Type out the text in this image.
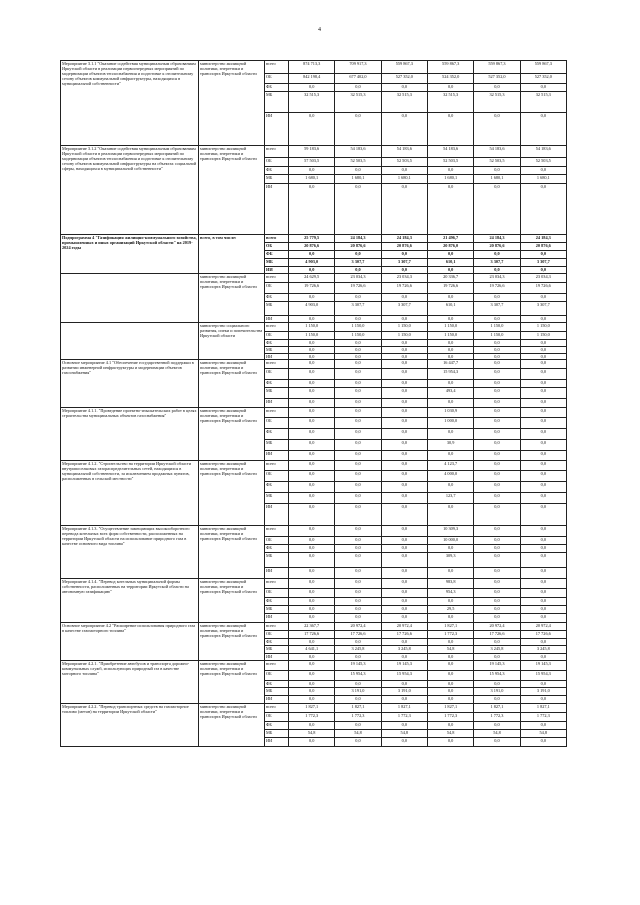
4
Мероприятие 3.1.1 "Оказание содействия муниципальным образованиям Иркутской области в реализации первоочередных мероприятий по модернизации объектов теплоснабжения и подготовке к отопительному сезону объектов коммунальной инфраструктуры, находящихся в муниципальной собственности"	министерство жилищной политики, энергетики и транспорта Иркутской области	всего	874 713,3	709 917,3	559 867,3	559 867,3	559 867,3	559 867,3
		ОБ	842 198,4	677 402,0	527 352,0	524 352,0	527 352,0	527 352,0
		ФБ	0,0	0,0	0,0	0,0	0,0	0,0
		МБ	32 515,3	32 515,3	32 515,3	32 515,3	32 515,3	32 515,3
		ИИ	0,0	0,0	0,0	0,0	0,0	0,0
Мероприятие 3.1.2 "Оказание содействия муниципальным образованиям Иркутской области в реализации первоочередных мероприятий по модернизации объектов теплоснабжения и подготовке к отопительному сезону объектов коммунальной инфраструктуры на объектах социальной сферы, находящихся в муниципальной собственности"	министерство жилищной политики, энергетики и транспорта Иркутской области	всего	59 183,6	54 183,6	54 183,6	54 183,6	54 183,6	54 183,6
		ОБ	57 503,5	52 503,5	52 503,5	52 503,5	52 503,5	52 503,5
		ФБ	0,0	0,0	0,0	0,0	0,0	0,0
		МБ	1 680,1	1 680,1	1 680,1	1 680,1	1 680,1	1 680,1
		ИИ	0,0	0,0	0,0	0,0	0,0	0,0
Подпрограмма 4 "Газификация жилищно-коммунального хозяйства, промышленных и иных организаций Иркутской области" на 2019-2024 годы	всего, в том числе:	всего	25 779,5	24 184,3	24 184,3	21 496,7	24 184,3	24 184,3
		ОБ	20 876,6	20 876,6	20 876,6	20 876,0	20 876,6	20 876,6
		ФБ	0,0	0,0	0,0	0,0	0,0	0,0
		МБ	4 903,0	3 307,7	3 307,7	610,1	3 307,7	3 307,7
		ИИ	0,0	0,0	0,0	0,0	0,0	0,0
	министерство жилищной политики, энергетики и транспорта Иркутской области	всего	24 629,5	23 034,3	23 034,3	20 336,7	23 034,3	23 034,3
		ОБ	19 726,6	19 726,6	19 726,6	19 726,6	19 726,6	19 726,6
		ФБ	0,0	0,0	0,0	0,0	0,0	0,0
		МБ	4 903,0	3 307,7	3 307,7	610,1	3 307,7	3 307,7
		ИИ	0,0	0,0	0,0	0,0	0,0	0,0
	министерство социального развития, опеки и попечительства Иркутской области	всего	1 150,0	1 150,0	1 150,0	1 150,0	1 150,0	1 150,0
		ОБ	1 150,0	1 150,0	1 150,0	1 150,0	1 150,0	1 150,0
		ФБ	0,0	0,0	0,0	0,0	0,0	0,0
		МБ	0,0	0,0	0,0	0,0	0,0	0,0
		ИИ	0,0	0,0	0,0	0,0	0,0	0,0
Основное мероприятие 4.1 "Обеспечение государственной поддержки в развитии инженерной инфраструктуры и модернизации объектов газоснабжения"	министерство жилищной политики, энергетики и транспорта Иркутской области	всего	0,0	0,0	0,0	16 447,7	0,0	0,0
		ОБ	0,0	0,0	0,0	15 954,3	0,0	0,0
		ФБ	0,0	0,0	0,0	0,0	0,0	0,0
		МБ	0,0	0,0	0,0	493,4	0,0	0,0
		ИИ	0,0	0,0	0,0	0,0	0,0	0,0
Мероприятие 4.1.1. "Проведение проектно-изыскательских работ в целях строительства муниципальных объектов газоснабжения"	министерство жилищной политики, энергетики и транспорта Иркутской области	всего	0,0	0,0	0,0	1 030,9	0,0	0,0
		ОБ	0,0	0,0	0,0	1 000,0	0,0	0,0
		ФБ	0,0	0,0	0,0	0,0	0,0	0,0
		МБ	0,0	0,0	0,0	30,9	0,0	0,0
		ИИ	0,0	0,0	0,0	0,0	0,0	0,0
Мероприятие 4.1.2. "Строительство на территории Иркутской области внутрипоселковых газораспределительных сетей, находящихся в муниципальной собственности, за исключением продажных пунктов, расположенных в сельской местности"	министерство жилищной политики, энергетики и транспорта Иркутской области	всего	0,0	0,0	0,0	4 123,7	0,0	0,0
		ОБ	0,0	0,0	0,0	4 000,0	0,0	0,0
		ФБ	0,0	0,0	0,0	0,0	0,0	0,0
		МБ	0,0	0,0	0,0	123,7	0,0	0,0
		ИИ	0,0	0,0	0,0	0,0	0,0	0,0
Мероприятие 4.1.3. "Осуществление замещающих высокооборотного перевода котельных всех форм собственности, расположенных на территории Иркутской области на использование природного газа в качестве основного вида топлива"	министерство жилищной политики, энергетики и транспорта Иркутской области	всего	0,0	0,0	0,0	10 309,3	0,0	0,0
		ОБ	0,0	0,0	0,0	10 000,0	0,0	0,0
		ФБ	0,0	0,0	0,0	0,0	0,0	0,0
		МБ	0,0	0,0	0,0	309,3	0,0	0,0
		ИИ	0,0	0,0	0,0	0,0	0,0	0,0
Мероприятие 4.1.4. "Перевод котельных муниципальной формы собственности, расположенных на территории Иркутской области на автономную газификацию"	министерство жилищной политики, энергетики и транспорта Иркутской области	всего	0,0	0,0	0,0	983,8	0,0	0,0
		ОБ	0,0	0,0	0,0	954,3	0,0	0,0
		ФБ	0,0	0,0	0,0	0,0	0,0	0,0
		МБ	0,0	0,0	0,0	29,5	0,0	0,0
		ИИ	0,0	0,0	0,0	0,0	0,0	0,0
Основное мероприятие 4.2 "Расширение использования природного газа в качестве газомоторного топлива"	министерство жилищной политики, энергетики и транспорта Иркутской области	всего	22 367,7	20 972,4	20 972,4	1 827,1	20 972,4	20 972,4
		ОБ	17 726,6	17 726,6	17 726,6	1 772,3	17 726,6	17 726,6
		ФБ	0,0	0,0	0,0	0,0	0,0	0,0
		МБ	4 641,1	3 245,8	3 245,8	54,8	3 245,8	3 245,8
		ИИ	0,0	0,0	0,0	0,0	0,0	0,0
Мероприятие 4.2.1. "Приобретение автобусов и транспорта дорожно-коммунальных служб, использующих природный газ в качестве моторного топлива"	министерство жилищной политики, энергетики и транспорта Иркутской области	всего	0,0	19 145,3	19 145,3	0,0	19 145,3	19 145,3
		ОБ	0,0	15 954,3	15 954,3	0,0	15 954,3	15 954,3
		ФБ	0,0	0,0	0,0	0,0	0,0	0,0
		МБ	0,0	3 191,0	3 191,0	0,0	3 191,0	3 191,0
		ИИ	0,0	0,0	0,0	0,0	0,0	0,0
Мероприятие 4.2.2. "Перевод транспортных средств на газомоторное топливо (метан) на территории Иркутской области"	министерство жилищной политики, энергетики и транспорта Иркутской области	всего	1 827,1	1 827,1	1 827,1	1 827,1	1 827,1	1 827,1
		ОБ	1 772,3	1 772,3	1 772,3	1 772,3	1 772,3	1 772,3
		ФБ	0,0	0,0	0,0	0,0	0,0	0,0
		МБ	54,8	54,8	54,8	54,8	54,8	54,8
		ИИ	0,0	0,0	0,0	0,0	0,0	0,0
